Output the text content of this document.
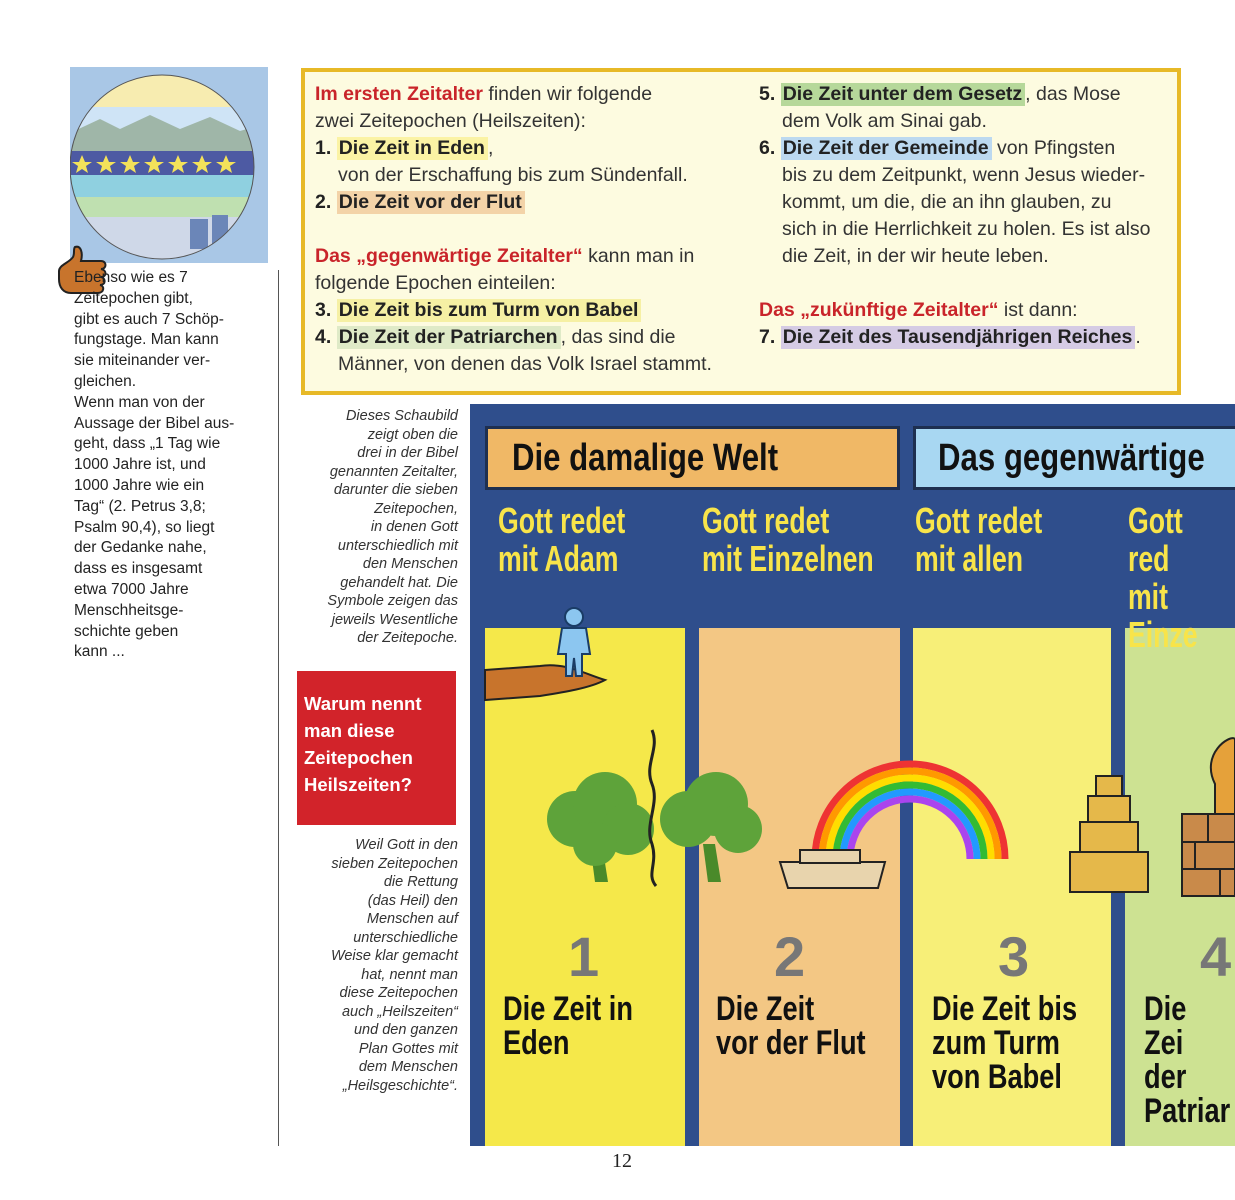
Ebenso wie es 7
Zeitepochen gibt,
gibt es auch 7 Schöp-
fungstage. Man kann
sie miteinander ver-
gleichen.
Wenn man von der
Aussage der Bibel aus-
geht, dass „1 Tag wie
1000 Jahre ist, und
1000 Jahre wie ein
Tag“ (2. Petrus 3,8;
Psalm 90,4), so liegt
der Gedanke nahe,
dass es insgesamt
etwa 7000 Jahre
Menschheitsge-
schichte geben
kann ...
Im ersten Zeitalter finden wir folgende
zwei Zeitepochen (Heilszeiten):
1. Die Zeit in Eden ,
von der Erschaffung bis zum Sündenfall.
2. Die Zeit vor der Flut
Das „gegenwärtige Zeitalter“ kann man in
folgende Epochen einteilen:
3. Die Zeit bis zum Turm von Babel
4. Die Zeit der Patriarchen , das sind die
Männer, von denen das Volk Israel stammt.
5. Die Zeit unter dem Gesetz , das Mose
dem Volk am Sinai gab.
6. Die Zeit der Gemeinde von Pfingsten
bis zu dem Zeitpunkt, wenn Jesus wieder-
kommt, um die, die an ihn glauben, zu
sich in die Herrlichkeit zu holen. Es ist also
die Zeit, in der wir heute leben.
Das „zukünftige Zeitalter“ ist dann:
7. Die Zeit des Tausendjährigen Reiches .
Dieses Schaubild
zeigt oben die
drei in der Bibel
genannten Zeitalter,
darunter die sieben
Zeitepochen,
in denen Gott
unterschiedlich mit
den Menschen
gehandelt hat. Die
Symbole zeigen das
jeweils Wesentliche
der Zeitepoche.
Warum nennt
man diese
Zeitepochen
Heilszeiten?
Weil Gott in den
sieben Zeitepochen
die Rettung
(das Heil) den
Menschen auf
unterschiedliche
Weise klar gemacht
hat, nennt man
diese Zeitepochen
auch „Heilszeiten“
und den ganzen
Plan Gottes mit
dem Menschen
„Heilsgeschichte“.
Die damalige Welt	Das gegenwärtige
Gott redet
mit Adam
Gott redet
mit Einzelnen
Gott redet
mit allen
Gott red
mit Einze
1	2	3	4
Die Zeit in
Eden
Die Zeit
vor der Flut
Die Zeit bis
zum Turm
von Babel
Die Zei
der
Patriar
12
